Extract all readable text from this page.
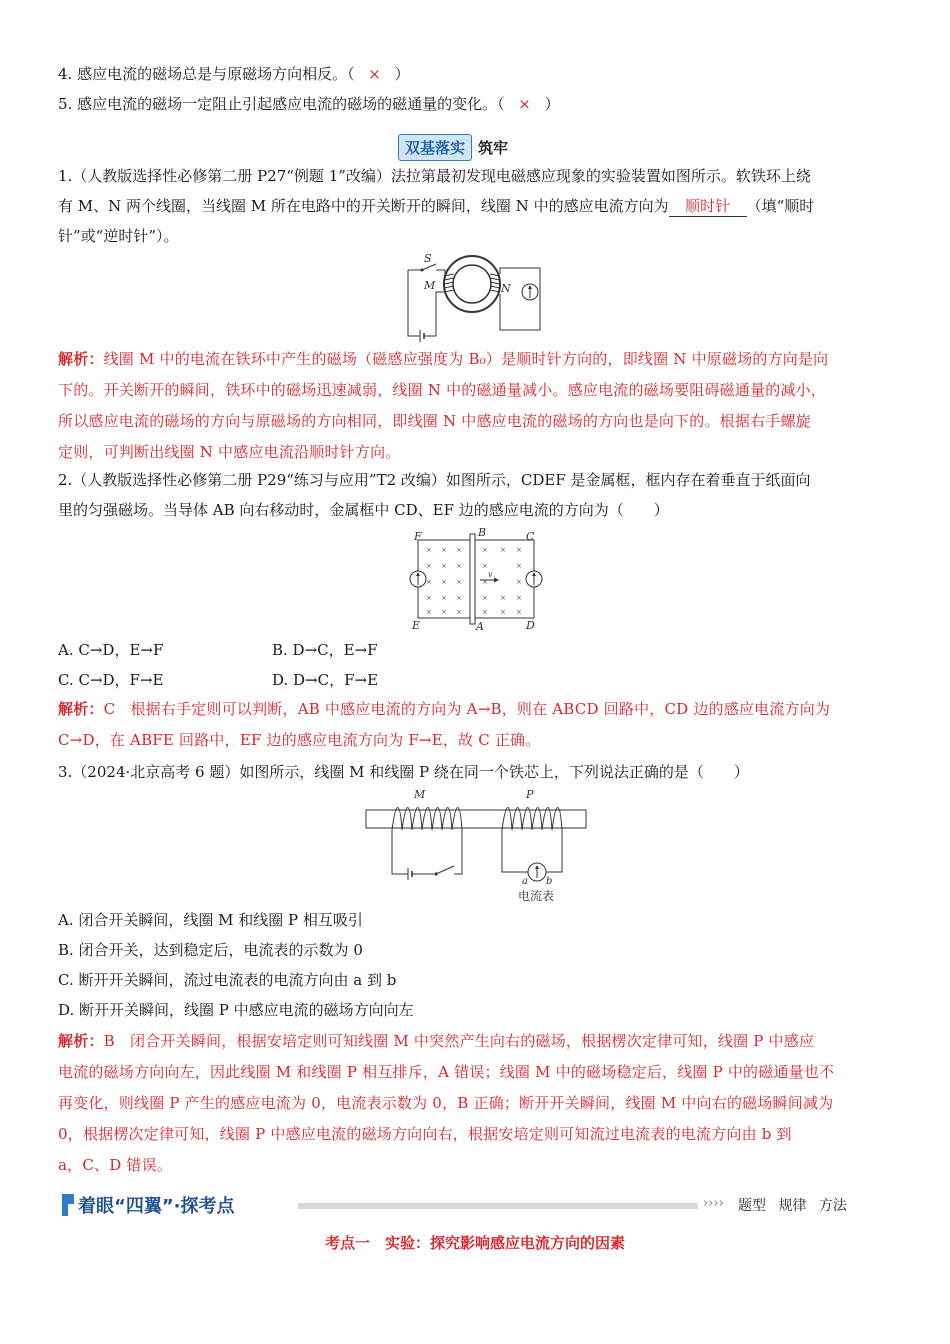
4. 感应电流的磁场总是与原磁场方向相反。（ × ）
5. 感应电流的磁场一定阻止引起感应电流的磁场的磁通量的变化。（ × ）
双基落实 筑牢
1.（人教版选择性必修第二册 P27“例题 1”改编）法拉第最初发现电磁感应现象的实验装置如图所示。软铁环上绕
有 M、N 两个线圈，当线圈 M 所在电路中的开关断开的瞬间，线圈 N 中的感应电流方向为 顺时针 （填“顺时
针”或“逆时针”）。
S
M	N
解析：线圈 M 中的电流在铁环中产生的磁场（磁感应强度为 B₀）是顺时针方向的，即线圈 N 中原磁场的方向是向
下的。开关断开的瞬间，铁环中的磁场迅速减弱，线圈 N 中的磁通量减小。感应电流的磁场要阻碍磁通量的减小，
所以感应电流的磁场的方向与原磁场的方向相同，即线圈 N 中感应电流的磁场的方向也是向下的。根据右手螺旋
定则，可判断出线圈 N 中感应电流沿顺时针方向。
2.（人教版选择性必修第二册 P29“练习与应用”T2 改编）如图所示，CDEF 是金属框，框内存在着垂直于纸面向
里的匀强磁场。当导体 AB 向右移动时，金属框中 CD、EF 边的感应电流的方向为（　　）
× × ×	× × ×
× × ×	×	×
× × ×	×	×
× × ×	× × ×
× × ×	× × ×
v
F	B	C
E	A	D
A. C→D，E→F	B. D→C，E→F
C. C→D，F→E	D. D→C，F→E
解析：C　根据右手定则可以判断，AB 中感应电流的方向为 A→B，则在 ABCD 回路中，CD 边的感应电流方向为
C→D，在 ABFE 回路中，EF 边的感应电流方向为 F→E，故 C 正确。
3.（2024·北京高考 6 题）如图所示，线圈 M 和线圈 P 绕在同一个铁芯上，下列说法正确的是（　　）
M	P
a b
电流表
A. 闭合开关瞬间，线圈 M 和线圈 P 相互吸引
B. 闭合开关，达到稳定后，电流表的示数为 0
C. 断开开关瞬间，流过电流表的电流方向由 a 到 b
D. 断开开关瞬间，线圈 P 中感应电流的磁场方向向左
解析：B　闭合开关瞬间，根据安培定则可知线圈 M 中突然产生向右的磁场，根据楞次定律可知，线圈 P 中感应
电流的磁场方向向左，因此线圈 M 和线圈 P 相互排斥，A 错误；线圈 M 中的磁场稳定后，线圈 P 中的磁通量也不
再变化，则线圈 P 产生的感应电流为 0，电流表示数为 0，B 正确；断开开关瞬间，线圈 M 中向右的磁场瞬间减为
0，根据楞次定律可知，线圈 P 中感应电流的磁场方向向右，根据安培定则可知流过电流表的电流方向由 b 到
a，C、D 错误。
着眼“四翼”·探考点	›››› 题型 规律 方法
考点一　实验：探究影响感应电流方向的因素
